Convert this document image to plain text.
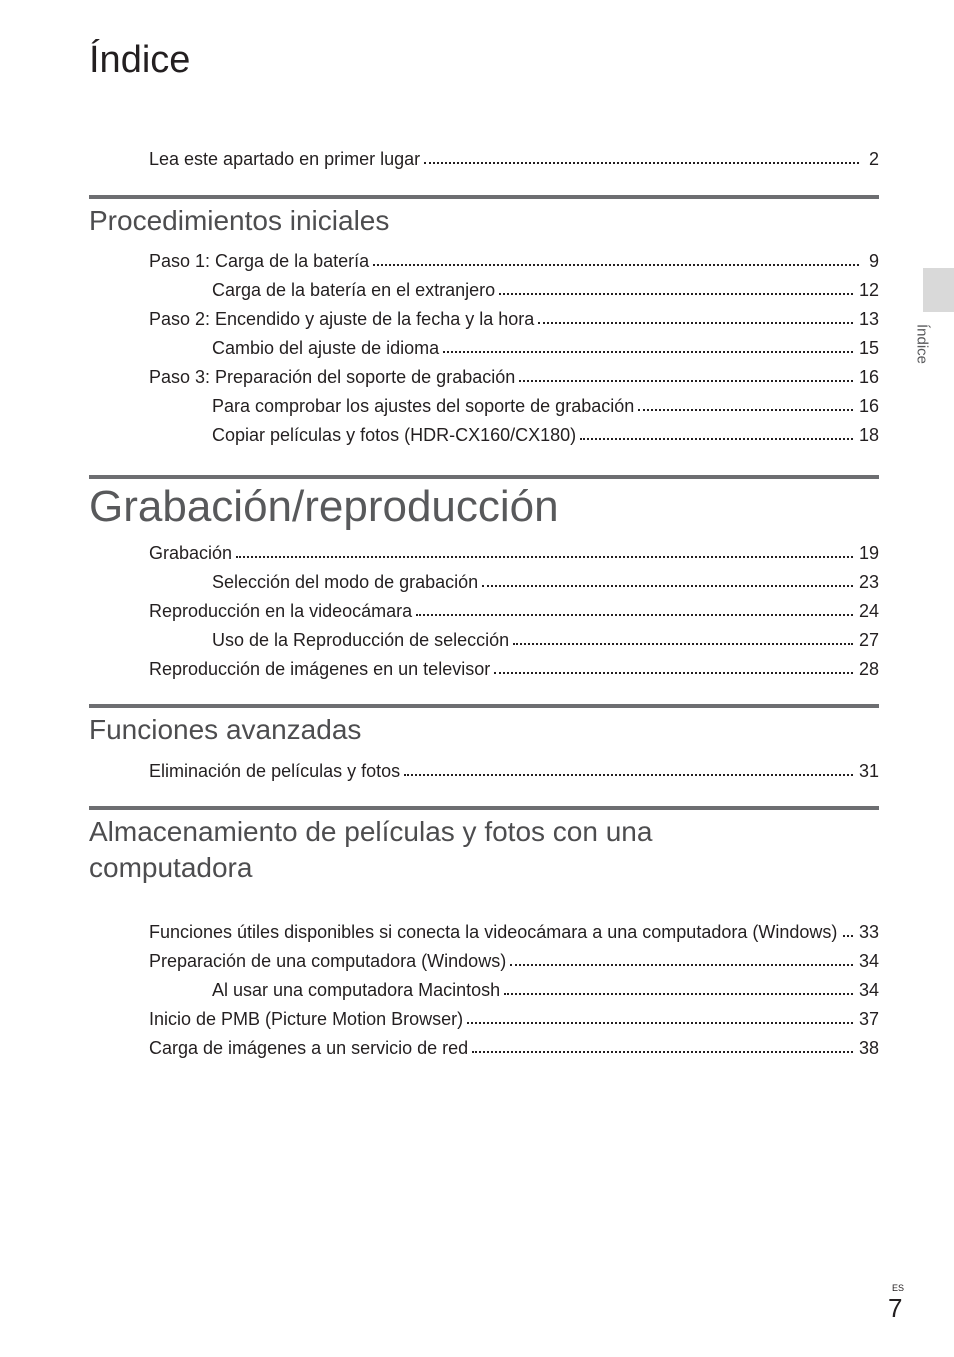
Índice
Índice
Lea este apartado en primer lugar	2
Procedimientos iniciales
Paso 1: Carga de la batería	9
Carga de la batería en el extranjero	12
Paso 2: Encendido y ajuste de la fecha y la hora	13
Cambio del ajuste de idioma	15
Paso 3: Preparación del soporte de grabación	16
Para comprobar los ajustes del soporte de grabación	16
Copiar películas y fotos (HDR-CX160/CX180)	18
Grabación/reproducción
Grabación	19
Selección del modo de grabación	23
Reproducción en la videocámara	24
Uso de la Reproducción de selección	27
Reproducción de imágenes en un televisor	28
Funciones avanzadas
Eliminación de películas y fotos	31
Almacenamiento de películas y fotos con una
computadora
Funciones útiles disponibles si conecta la videocámara a una computadora (Windows) 33
Preparación de una computadora (Windows)	34
Al usar una computadora Macintosh	34
Inicio de PMB (Picture Motion Browser)	37
Carga de imágenes a un servicio de red	38
ES
7
